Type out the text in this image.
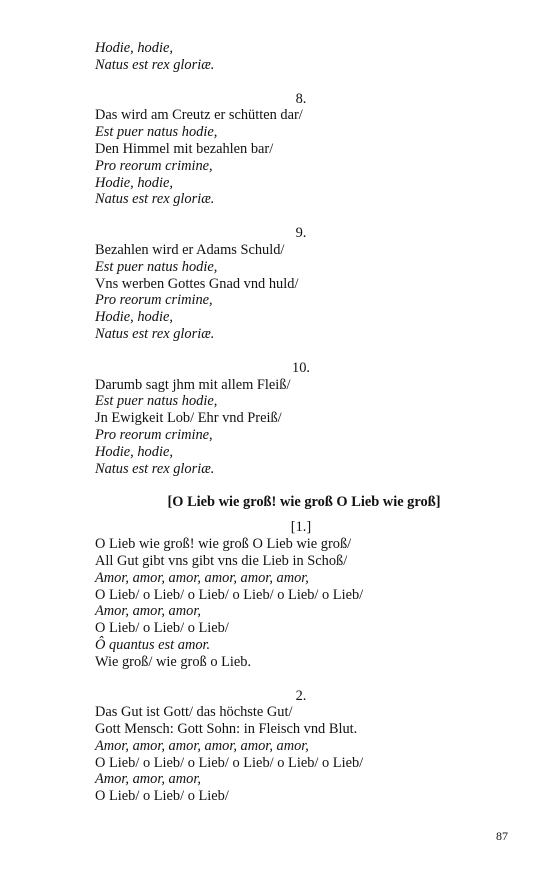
Hodie, hodie,
Natus est rex gloriæ.
8.
Das wird am Creutz er schütten dar/
Est puer natus hodie,
Den Himmel mit bezahlen bar/
Pro reorum crimine,
Hodie, hodie,
Natus est rex gloriæ.
9.
Bezahlen wird er Adams Schuld/
Est puer natus hodie,
Vns werben Gottes Gnad vnd huld/
Pro reorum crimine,
Hodie, hodie,
Natus est rex gloriæ.
10.
Darumb sagt jhm mit allem Fleiß/
Est puer natus hodie,
Jn Ewigkeit Lob/ Ehr vnd Preiß/
Pro reorum crimine,
Hodie, hodie,
Natus est rex gloriæ.
[O Lieb wie groß! wie groß O Lieb wie groß]
[1.]
O Lieb wie groß! wie groß O Lieb wie groß/
All Gut gibt vns gibt vns die Lieb in Schoß/
Amor, amor, amor, amor, amor, amor,
O Lieb/ o Lieb/ o Lieb/ o Lieb/ o Lieb/ o Lieb/
Amor, amor, amor,
O Lieb/ o Lieb/ o Lieb/
Ô quantus est amor.
Wie groß/ wie groß o Lieb.
2.
Das Gut ist Gott/ das höchste Gut/
Gott Mensch: Gott Sohn: in Fleisch vnd Blut.
Amor, amor, amor, amor, amor, amor,
O Lieb/ o Lieb/ o Lieb/ o Lieb/ o Lieb/ o Lieb/
Amor, amor, amor,
O Lieb/ o Lieb/ o Lieb/
87
